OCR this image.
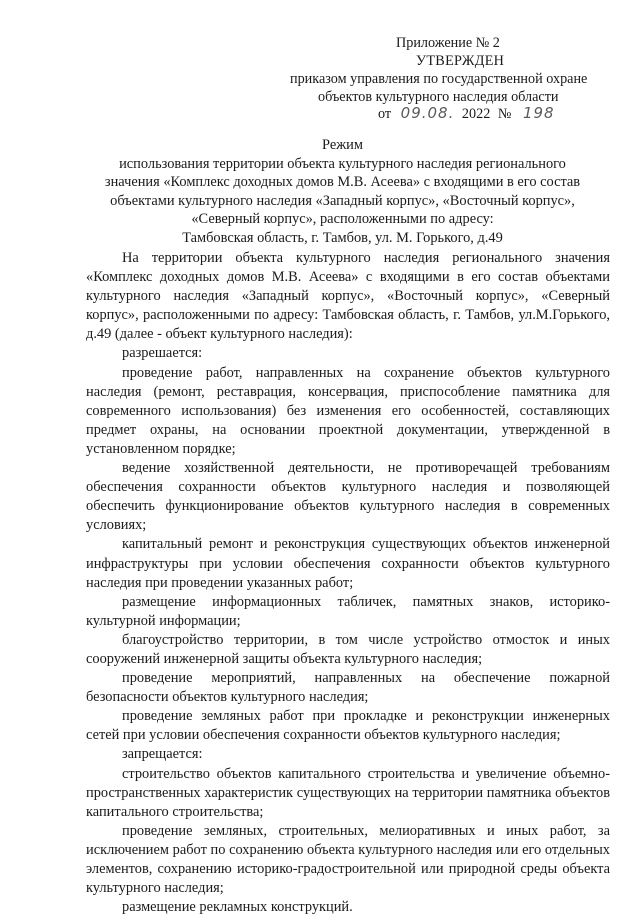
Приложение № 2
УТВЕРЖДЕН
приказом управления по государственной охране
объектов культурного наследия области
от 09.08. 2022 № 198
Режим
использования территории объекта культурного наследия регионального
значения «Комплекс доходных домов М.В. Асеева» с входящими в его состав
объектами культурного наследия «Западный корпус», «Восточный корпус»,
«Северный корпус», расположенными по адресу:
Тамбовская область, г. Тамбов, ул. М. Горького, д.49

На территории объекта культурного наследия регионального значения «Комплекс доходных домов М.В. Асеева» с входящими в его состав объектами культурного наследия «Западный корпус», «Восточный корпус», «Северный корпус», расположенными по адресу: Тамбовская область, г. Тамбов, ул.М.Горького, д.49 (далее - объект культурного наследия):

разрешается:

проведение работ, направленных на сохранение объектов культурного наследия (ремонт, реставрация, консервация, приспособление памятника для современного использования) без изменения его особенностей, составляющих предмет охраны, на основании проектной документации, утвержденной в установленном порядке;

ведение хозяйственной деятельности, не противоречащей требованиям обеспечения сохранности объектов культурного наследия и позволяющей обеспечить функционирование объектов культурного наследия в современных условиях;

капитальный ремонт и реконструкция существующих объектов инженерной инфраструктуры при условии обеспечения сохранности объектов культурного наследия при проведении указанных работ;

размещение информационных табличек, памятных знаков, историко-культурной информации;

благоустройство территории, в том числе устройство отмосток и иных сооружений инженерной защиты объекта культурного наследия;

проведение мероприятий, направленных на обеспечение пожарной безопасности объектов культурного наследия;

проведение земляных работ при прокладке и реконструкции инженерных сетей при условии обеспечения сохранности объектов культурного наследия;

запрещается:

строительство объектов капитального строительства и увеличение объемно-пространственных характеристик существующих на территории памятника объектов капитального строительства;

проведение земляных, строительных, мелиоративных и иных работ, за исключением работ по сохранению объекта культурного наследия или его отдельных элементов, сохранению историко-градостроительной или природной среды объекта культурного наследия;

размещение рекламных конструкций.
